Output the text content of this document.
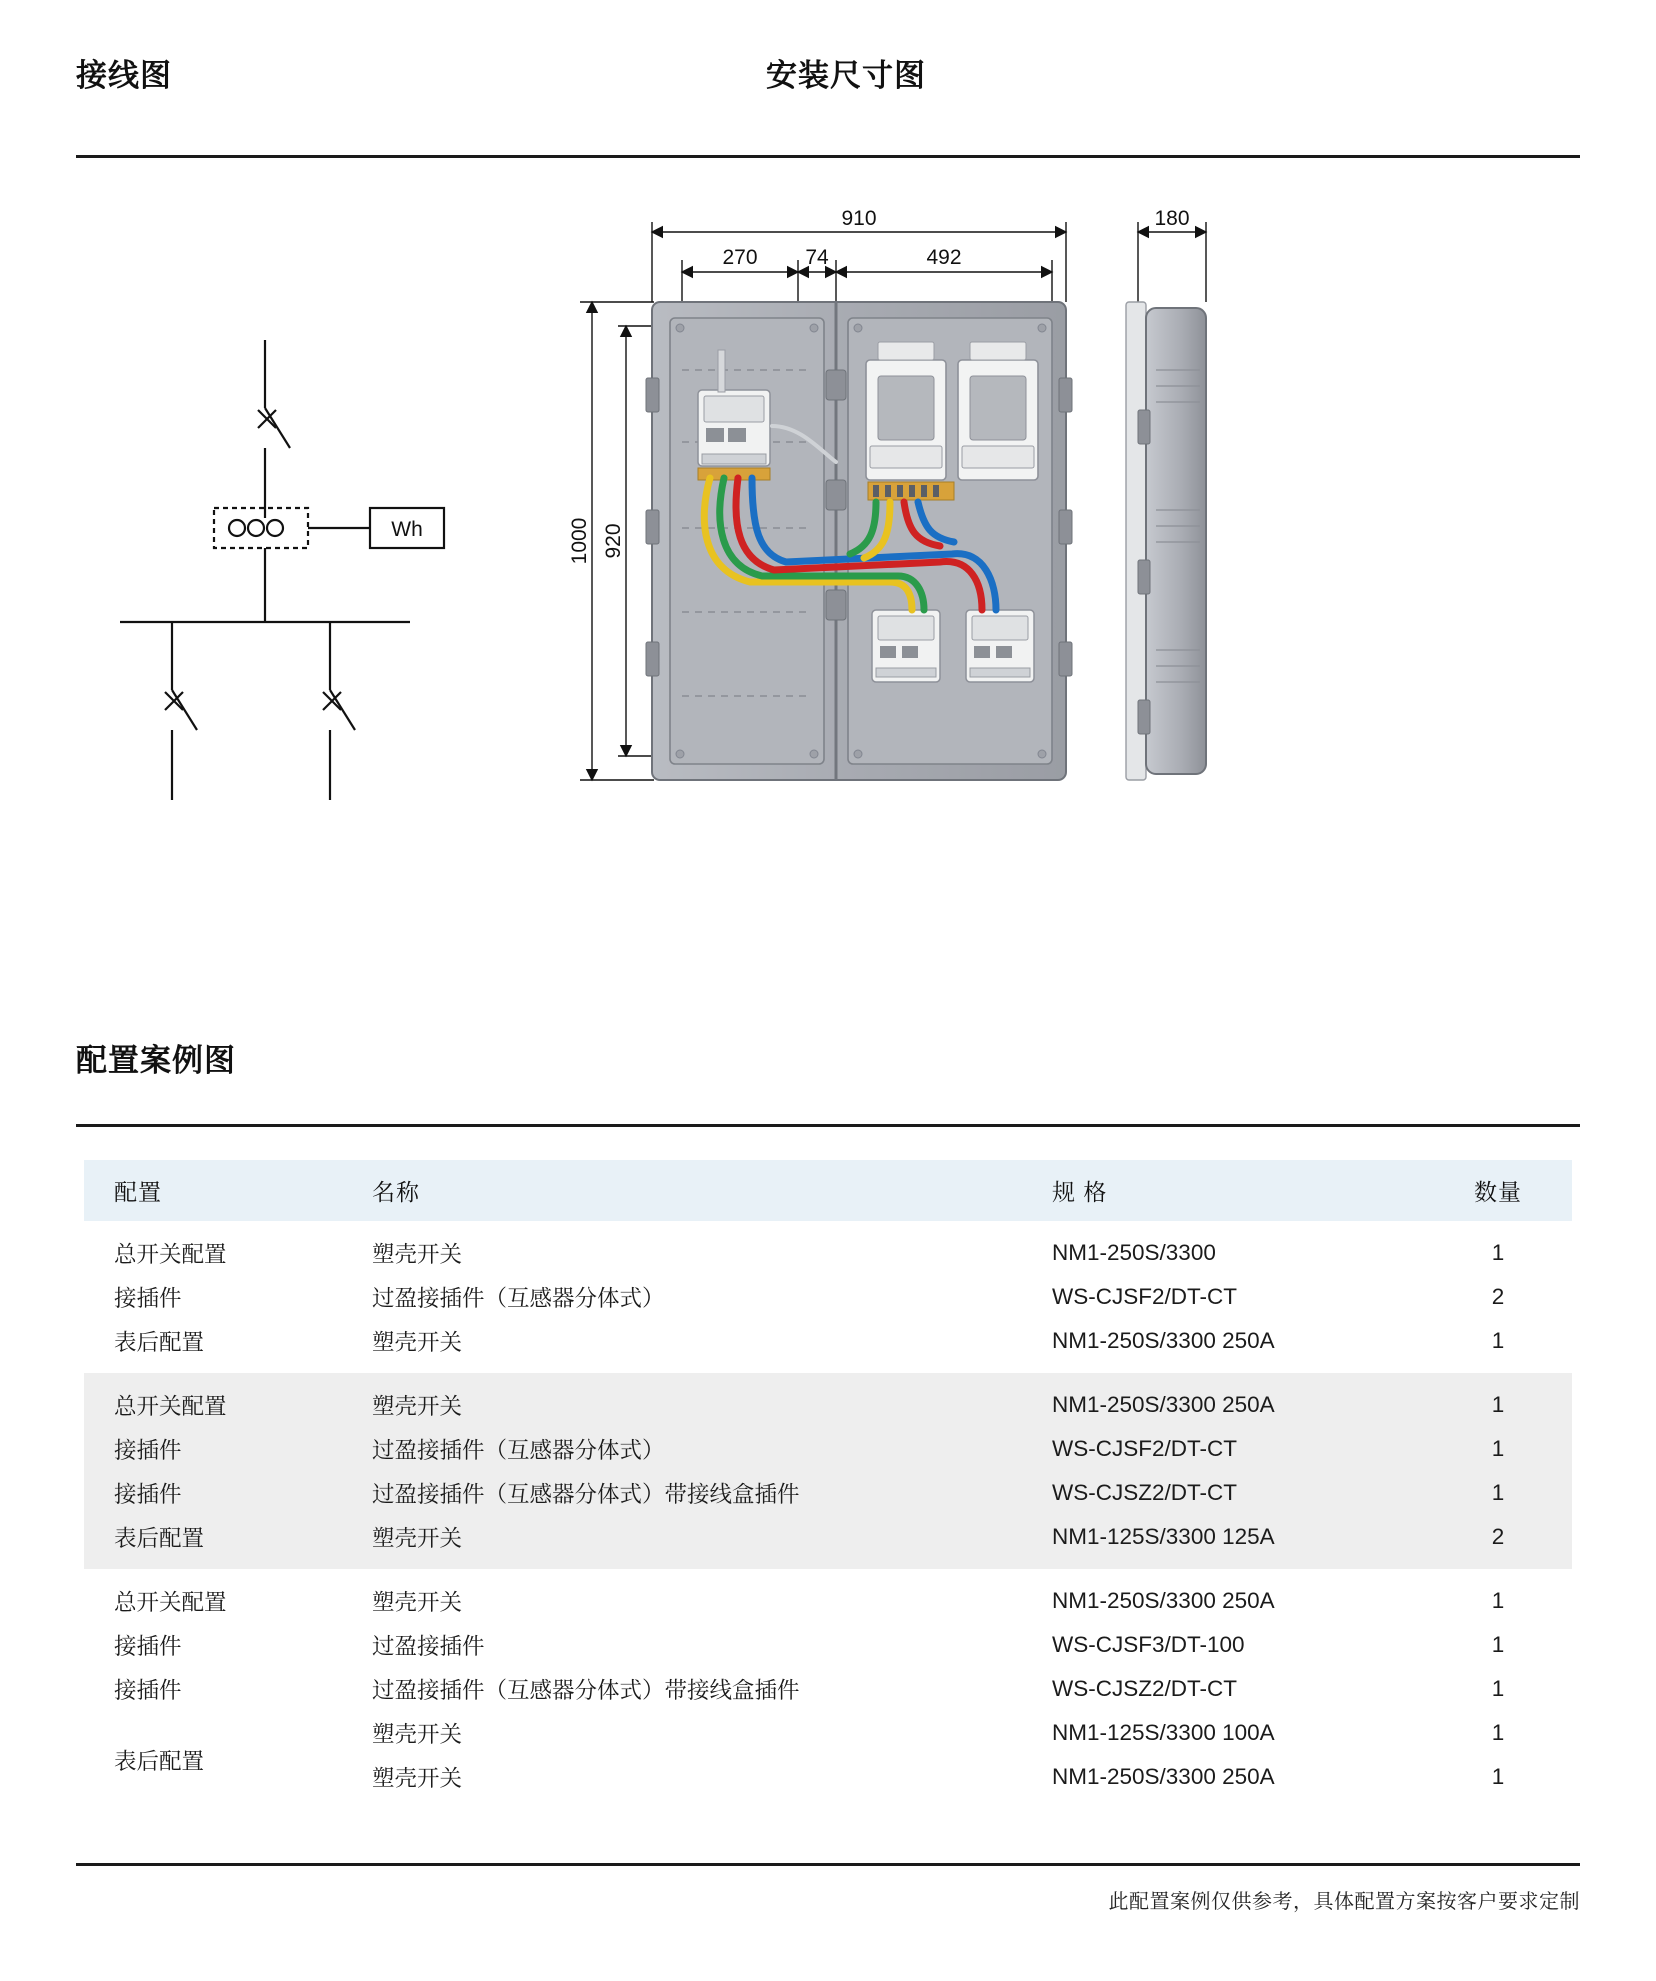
接线图	安装尺寸图
Wh
910
270 74	492
180
1000 920
配置案例图
配置	名称	规 格	数量
总开关配置	塑壳开关	NM1-250S/3300	1
接插件	过盈接插件（互感器分体式）	WS-CJSF2/DT-CT	2
表后配置	塑壳开关	NM1-250S/3300 250A	1
总开关配置	塑壳开关	NM1-250S/3300 250A	1
接插件	过盈接插件（互感器分体式）	WS-CJSF2/DT-CT	1
接插件	过盈接插件（互感器分体式）带接线盒插件	WS-CJSZ2/DT-CT	1
表后配置	塑壳开关	NM1-125S/3300 125A	2
总开关配置	塑壳开关	NM1-250S/3300 250A	1
接插件	过盈接插件	WS-CJSF3/DT-100	1
接插件	过盈接插件（互感器分体式）带接线盒插件	WS-CJSZ2/DT-CT	1
表后配置	塑壳开关	NM1-125S/3300 100A	1
	塑壳开关	NM1-250S/3300 250A	1
此配置案例仅供参考，具体配置方案按客户要求定制
